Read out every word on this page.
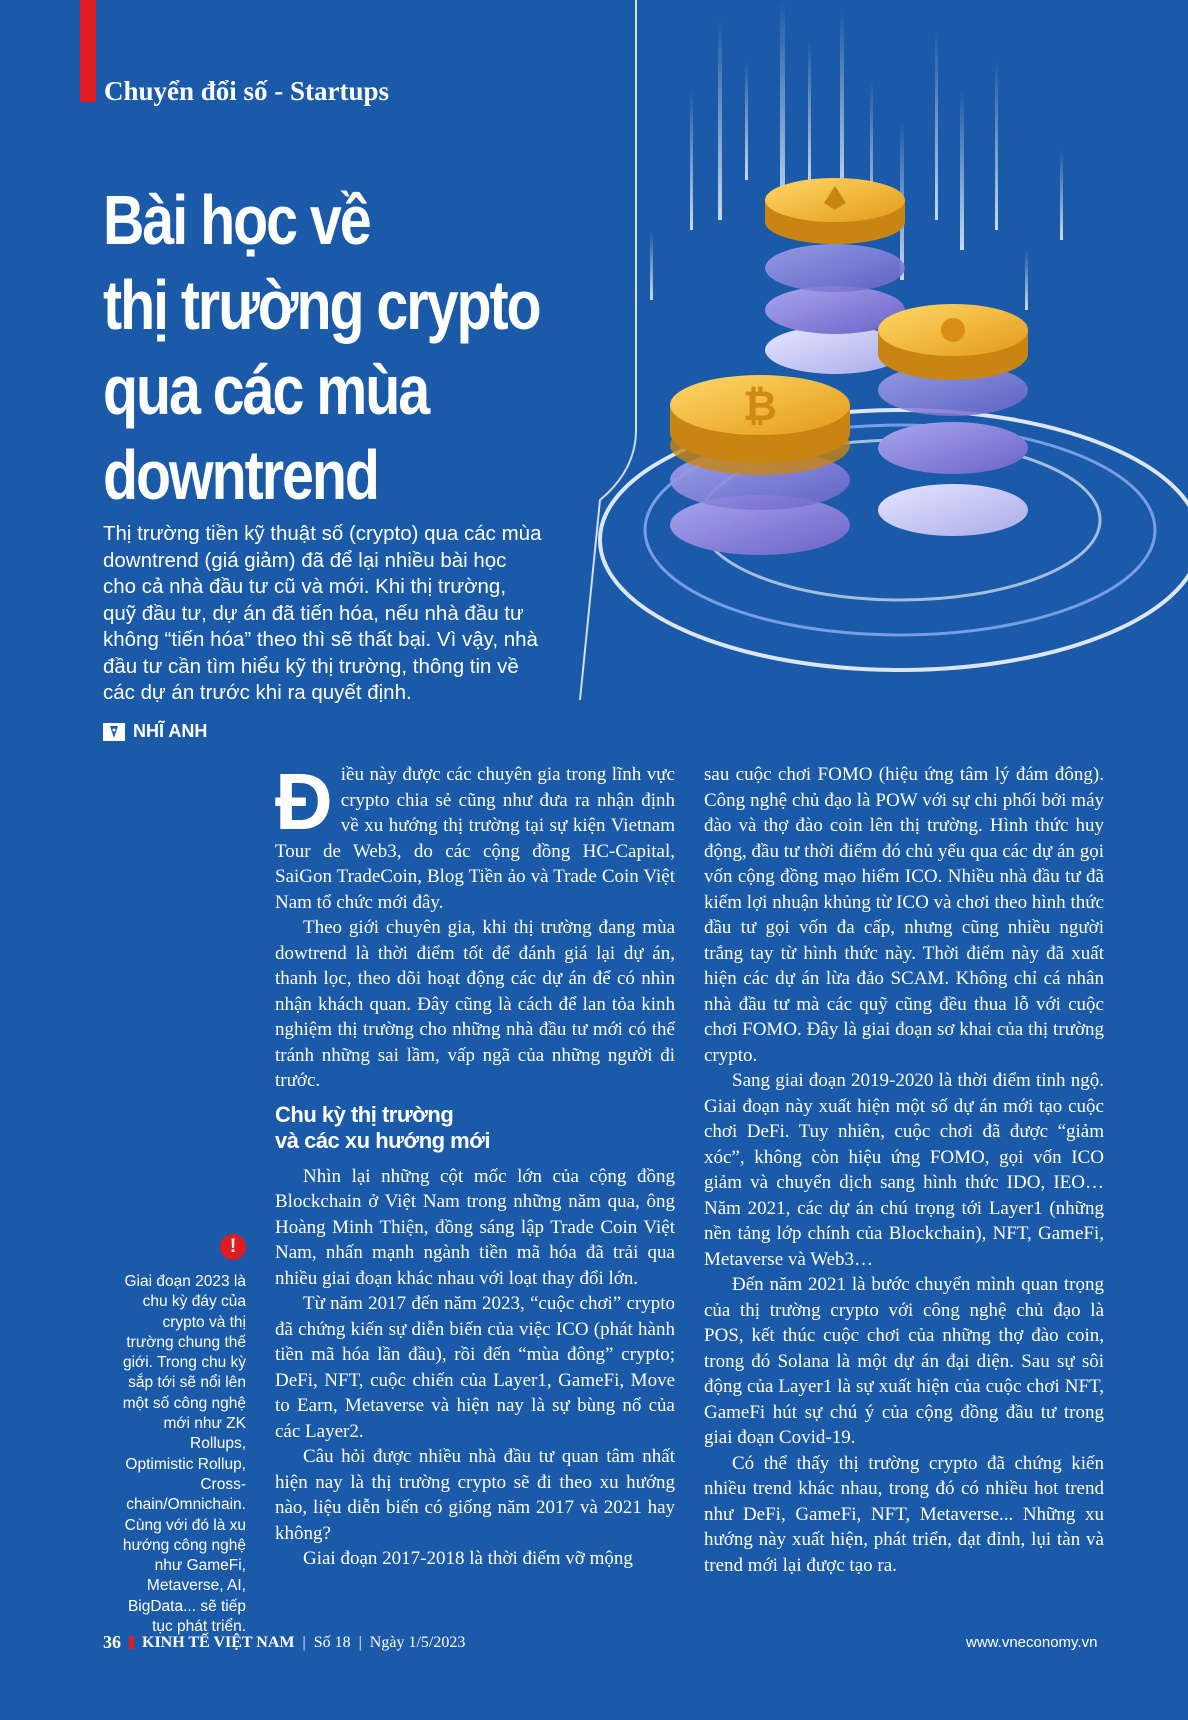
₿
Chuyển đổi số - Startups
Bài học về
thị trường crypto
qua các mùa
downtrend
Thị trường tiền kỹ thuật số (crypto) qua các mùa downtrend (giá giảm) đã để lại nhiều bài học cho cả nhà đầu tư cũ và mới. Khi thị trường, quỹ đầu tư, dự án đã tiến hóa, nếu nhà đầu tư không “tiến hóa” theo thì sẽ thất bại. Vì vậy, nhà đầu tư cần tìm hiểu kỹ thị trường, thông tin về các dự án trước khi ra quyết định.
NHĨ ANH
!
Giai đoạn 2023 là chu kỳ đáy của crypto và thị trường chung thế giới. Trong chu kỳ sắp tới sẽ nổi lên một số công nghệ mới như ZK Rollups, Optimistic Rollup, Cross-chain/Omnichain. Cùng với đó là xu hướng công nghệ như GameFi, Metaverse, AI, BigData... sẽ tiếp tục phát triển.

Điều này được các chuyên gia trong lĩnh vực crypto chia sẻ cũng như đưa ra nhận định về xu hướng thị trường tại sự kiện Vietnam Tour de Web3, do các cộng đồng HC-Capital, SaiGon TradeCoin, Blog Tiền ảo và Trade Coin Việt Nam tổ chức mới đây.

Theo giới chuyên gia, khi thị trường đang mùa dowtrend là thời điểm tốt để đánh giá lại dự án, thanh lọc, theo dõi hoạt động các dự án để có nhìn nhận khách quan. Đây cũng là cách để lan tỏa kinh nghiệm thị trường cho những nhà đầu tư mới có thể tránh những sai lầm, vấp ngã của những người đi trước.

Chu kỳ thị trường
và các xu hướng mới

Nhìn lại những cột mốc lớn của cộng đồng Blockchain ở Việt Nam trong những năm qua, ông Hoàng Minh Thiện, đồng sáng lập Trade Coin Việt Nam, nhấn mạnh ngành tiền mã hóa đã trải qua nhiều giai đoạn khác nhau với loạt thay đổi lớn.

Từ năm 2017 đến năm 2023, “cuộc chơi” crypto đã chứng kiến sự diễn biến của việc ICO (phát hành tiền mã hóa lần đầu), rồi đến “mùa đông” crypto; DeFi, NFT, cuộc chiến của Layer1, GameFi, Move to Earn, Metaverse và hiện nay là sự bùng nổ của các Layer2.

Câu hỏi được nhiều nhà đầu tư quan tâm nhất hiện nay là thị trường crypto sẽ đi theo xu hướng nào, liệu diễn biến có giống năm 2017 và 2021 hay không?

Giai đoạn 2017-2018 là thời điểm vỡ mộng

sau cuộc chơi FOMO (hiệu ứng tâm lý đám đông). Công nghệ chủ đạo là POW với sự chi phối bởi máy đào và thợ đào coin lên thị trường. Hình thức huy động, đầu tư thời điểm đó chủ yếu qua các dự án gọi vốn cộng đồng mạo hiểm ICO. Nhiều nhà đầu tư đã kiếm lợi nhuận khủng từ ICO và chơi theo hình thức đầu tư gọi vốn đa cấp, nhưng cũng nhiều người trắng tay từ hình thức này. Thời điểm này đã xuất hiện các dự án lừa đảo SCAM. Không chỉ cá nhân nhà đầu tư mà các quỹ cũng đều thua lỗ với cuộc chơi FOMO. Đây là giai đoạn sơ khai của thị trường crypto.

Sang giai đoạn 2019-2020 là thời điểm tỉnh ngộ. Giai đoạn này xuất hiện một số dự án mới tạo cuộc chơi DeFi. Tuy nhiên, cuộc chơi đã được “giảm xóc”, không còn hiệu ứng FOMO, gọi vốn ICO giảm và chuyển dịch sang hình thức IDO, IEO… Năm 2021, các dự án chú trọng tới Layer1 (những nền tảng lớp chính của Blockchain), NFT, GameFi, Metaverse và Web3…

Đến năm 2021 là bước chuyển mình quan trọng của thị trường crypto với công nghệ chủ đạo là POS, kết thúc cuộc chơi của những thợ đào coin, trong đó Solana là một dự án đại diện. Sau sự sôi động của Layer1 là sự xuất hiện của cuộc chơi NFT, GameFi hút sự chú ý của cộng đồng đầu tư trong giai đoạn Covid-19.

Có thể thấy thị trường crypto đã chứng kiến nhiều trend khác nhau, trong đó có nhiều hot trend như DeFi, GameFi, NFT, Metaverse... Những xu hướng này xuất hiện, phát triển, đạt đỉnh, lụi tàn và trend mới lại được tạo ra.

36 KINH TẾ VIỆT NAM | Số 18 | Ngày 1/5/2023	www.vneconomy.vn
